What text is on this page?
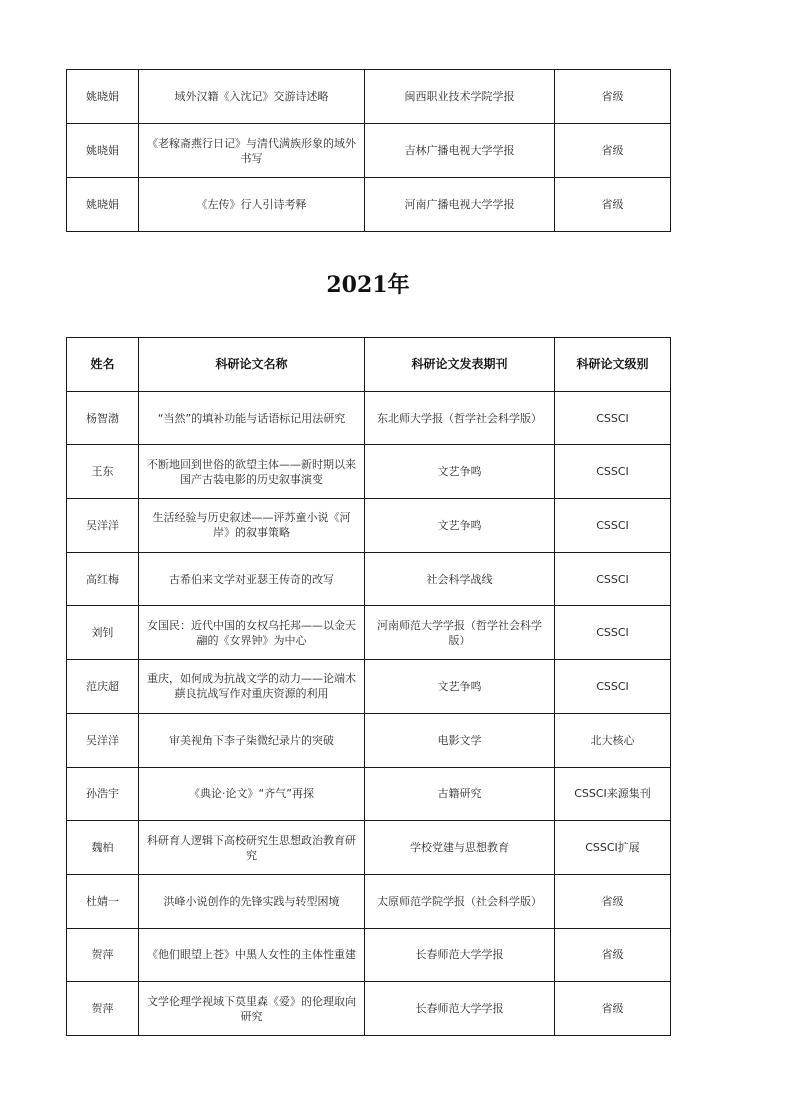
姚晓娟	域外汉籍《入沈记》交游诗述略	闽西职业技术学院学报	省级
姚晓娟	《老稼斋燕行日记》与清代满族形象的域外书写	吉林广播电视大学学报	省级
姚晓娟	《左传》行人引诗考释	河南广播电视大学学报	省级
2021年
姓名	科研论文名称	科研论文发表期刊	科研论文级别
杨智渤	“当然”的填补功能与话语标记用法研究	东北师大学报（哲学社会科学版）	CSSCI
王东	不断地回到世俗的欲望主体——新时期以来国产古装电影的历史叙事演变	文艺争鸣	CSSCI
吴洋洋	生活经验与历史叙述——评苏童小说《河岸》的叙事策略	文艺争鸣	CSSCI
高红梅	古希伯来文学对亚瑟王传奇的改写	社会科学战线	CSSCI
刘钊	女国民：近代中国的女权乌托邦——以金天翮的《女界钟》为中心	河南师范大学学报（哲学社会科学版）	CSSCI
范庆超	重庆，如何成为抗战文学的动力——论端木蕻良抗战写作对重庆资源的利用	文艺争鸣	CSSCI
吴洋洋	审美视角下李子柒微纪录片的突破	电影文学	北大核心
孙浩宇	《典论·论文》“齐气”再探	古籍研究	CSSCI来源集刊
魏柏	科研育人逻辑下高校研究生思想政治教育研究	学校党建与思想教育	CSSCI扩展
杜婧一	洪峰小说创作的先锋实践与转型困境	太原师范学院学报（社会科学版）	省级
贺萍	《他们眼望上苍》中黑人女性的主体性重建	长春师范大学学报	省级
贺萍	文学伦理学视域下莫里森《爱》的伦理取向研究	长春师范大学学报	省级
